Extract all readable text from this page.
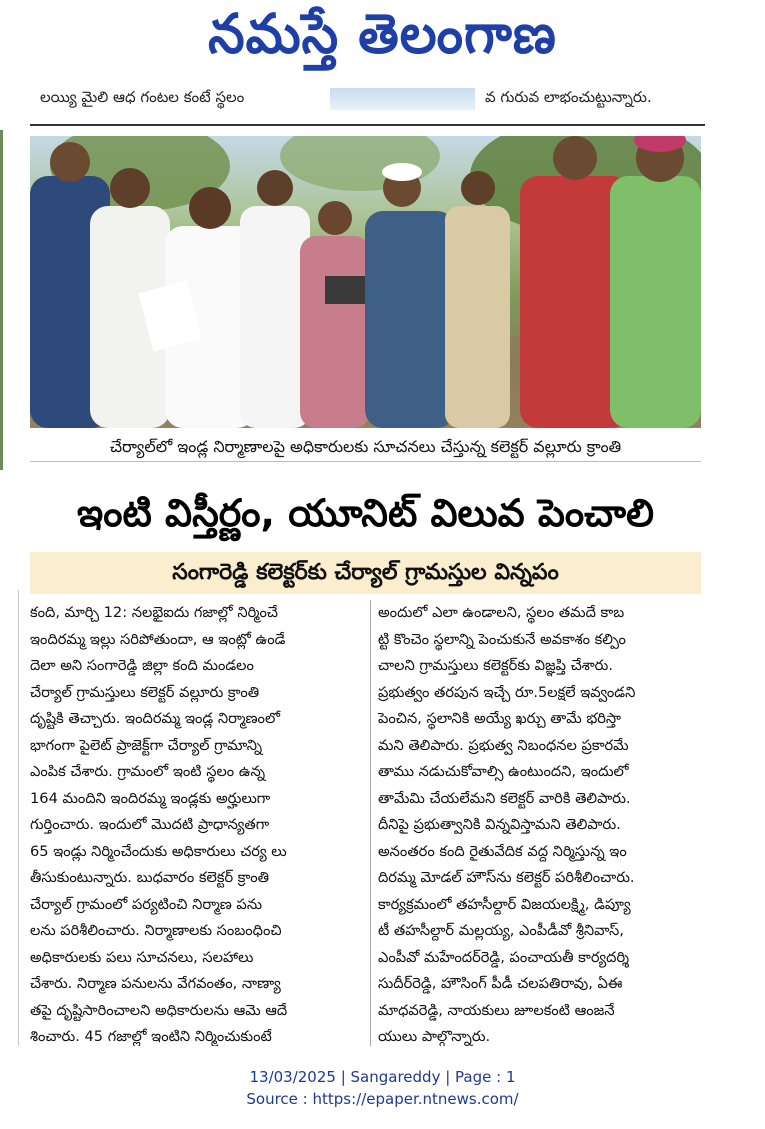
నమస్తే తెలంగాణ
లయ్యి మైలి ఆధ గంటల కంటే స్థలం	వ గురువ లాభంచుట్టున్నారు.
చేర్యాల్‌లో ఇండ్ల నిర్మాణాలపై అధికారులకు సూచనలు చేస్తున్న కలెక్టర్ వల్లూరు క్రాంతి
ఇంటి విస్తీర్ణం, యూనిట్ విలువ పెంచాలి
సంగారెడ్డి కలెక్టర్‌కు చేర్యాల్ గ్రామస్తుల విన్నపం
కంది, మార్చి 12: నలభైఐదు గజాల్లో నిర్మించే
ఇందిరమ్మ ఇల్లు సరిపోతుందా, ఆ ఇంట్లో ఉండే
దెలా అని సంగారెడ్డి జిల్లా కంది మండలం
చేర్యాల్ గ్రామస్తులు కలెక్టర్ వల్లూరు క్రాంతి
దృష్టికి తెచ్చారు. ఇందిరమ్మ ఇండ్ల నిర్మాణంలో
భాగంగా పైలెట్ ప్రాజెక్ట్‌గా చేర్యాల్ గ్రామాన్ని
ఎంపిక చేశారు. గ్రామంలో ఇంటి స్థలం ఉన్న
164 మందిని ఇందిరమ్మ ఇండ్లకు అర్హులుగా
గుర్తించారు. ఇందులో మొదటి ప్రాధాన్యతగా
65 ఇండ్లు నిర్మించేందుకు అధికారులు చర్య లు
తీసుకుంటున్నారు. బుధవారం కలెక్టర్ క్రాంతి
చేర్యాల్ గ్రామంలో పర్యటించి నిర్మాణ పను
లను పరిశీలించారు. నిర్మాణాలకు సంబంధించి
అధికారులకు పలు సూచనలు, సలహాలు
చేశారు. నిర్మాణ పనులను వేగవంతం, నాణ్యా
తపై దృష్టిసారించాలని అధికారులను ఆమె ఆదే
శించారు. 45 గజాల్లో ఇంటిని నిర్మించుకుంటే
అందులో ఎలా ఉండాలని, స్థలం తమదే కాబ
ట్టి కొంచెం స్థలాన్ని పెంచుకునే అవకాశం కల్పిం
చాలని గ్రామస్తులు కలెక్టర్‌కు విజ్ఞప్తి చేశారు.
ప్రభుత్వం తరపున ఇచ్చే రూ.5లక్షలే ఇవ్వండని
పెంచిన, స్థలానికి అయ్యే ఖర్చు తామే భరిస్తా
మని తెలిపారు. ప్రభుత్వ నిబంధనల ప్రకారమే
తాము నడుచుకోవాల్సి ఉంటుందని, ఇందులో
తామేమి చేయలేమని కలెక్టర్ వారికి తెలిపారు.
దీనిపై ప్రభుత్వానికి విన్నవిస్తామని తెలిపారు.
అనంతరం కంది రైతువేదిక వద్ద నిర్మిస్తున్న ఇం
దిరమ్మ మోడల్ హౌస్‌ను కలెక్టర్ పరిశీలించారు.
కార్యక్రమంలో తహసీల్దార్ విజయలక్ష్మి, డిప్యూ
టీ తహసీల్దార్ మల్లయ్య, ఎంపీడీవో శ్రీనివాస్,
ఎంపీవో మహేందర్‌రెడ్డి, పంచాయతీ కార్యదర్శి
సుదీర్‌రెడ్డి, హౌసింగ్ పీడీ చలపతిరావు, ఏఈ
మాధవరెడ్డి, నాయకులు జూలకంటి ఆంజనే
యులు పాల్గొన్నారు.
13/03/2025 | Sangareddy | Page : 1
Source : https://epaper.ntnews.com/
